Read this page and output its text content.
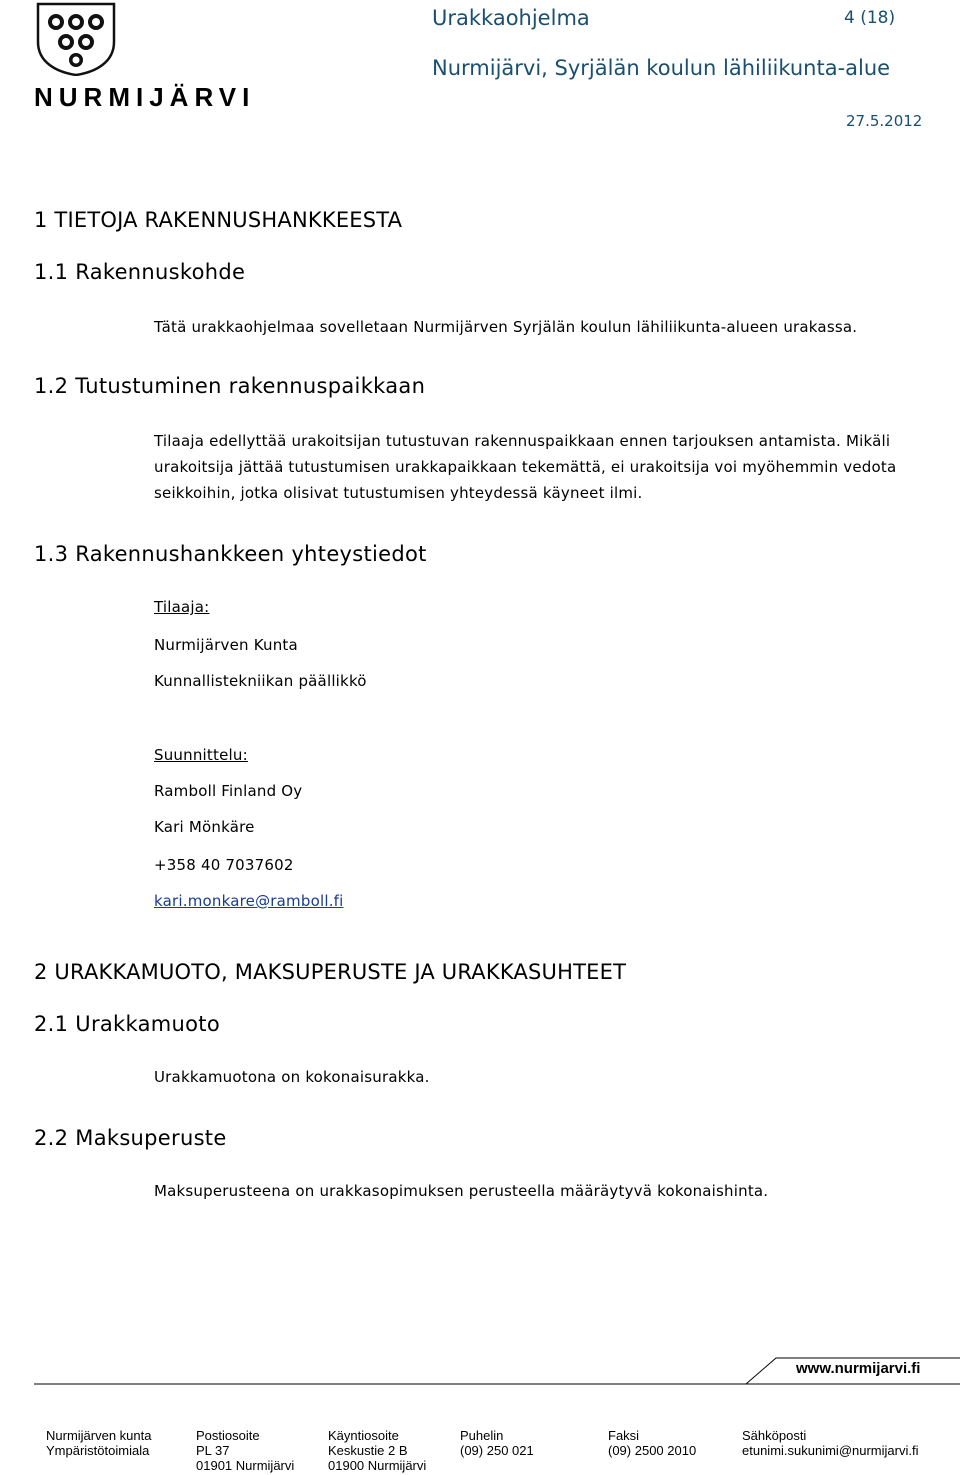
NURMIJÄRVI
Urakkaohjelma	4 (18)
Nurmijärvi, Syrjälän koulun lähiliikunta-alue
27.5.2012
1 TIETOJA RAKENNUSHANKKEESTA
1.1 Rakennuskohde
Tätä urakkaohjelmaa sovelletaan Nurmijärven Syrjälän koulun lähiliikunta-alueen urakassa.
1.2 Tutustuminen rakennuspaikkaan
Tilaaja edellyttää urakoitsijan tutustuvan rakennuspaikkaan ennen tarjouksen antamista. Mikäli
urakoitsija jättää tutustumisen urakkapaikkaan tekemättä, ei urakoitsija voi myöhemmin vedota
seikkoihin, jotka olisivat tutustumisen yhteydessä käyneet ilmi.
1.3 Rakennushankkeen yhteystiedot
Tilaaja:
Nurmijärven Kunta
Kunnallistekniikan päällikkö
Suunnittelu:
Ramboll Finland Oy
Kari Mönkäre
+358 40 7037602
kari.monkare@ramboll.fi
2 URAKKAMUOTO, MAKSUPERUSTE JA URAKKASUHTEET
2.1 Urakkamuoto
Urakkamuotona on kokonaisurakka.
2.2 Maksuperuste
Maksuperusteena on urakkasopimuksen perusteella määräytyvä kokonaishinta.
www.nurmijarvi.fi
Nurmijärven kunta
Ympäristötoimiala
Postiosoite
PL 37
01901 Nurmijärvi
Käyntiosoite
Keskustie 2 B
01900 Nurmijärvi
Puhelin
(09) 250 021
Faksi
(09) 2500 2010
Sähköposti
etunimi.sukunimi@nurmijarvi.fi
